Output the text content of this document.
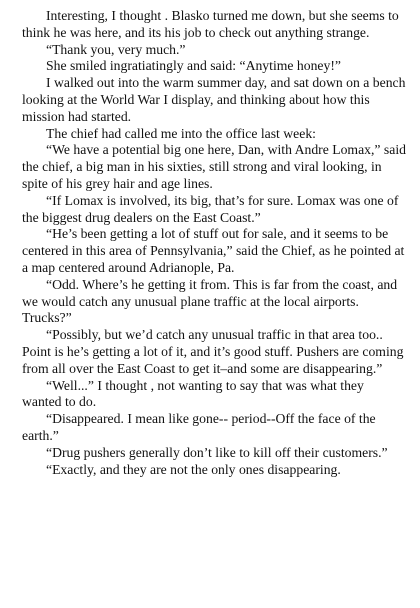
Interesting, I thought . Blasko turned me down, but she seems to think he was here, and its his job to check out anything strange.

“Thank you, very much.”

She smiled ingratiatingly and said: “Anytime honey!”

I walked out into the warm summer day, and sat down on a bench looking at the World War I display, and thinking about how this mission had started.

The chief had called me into the office last week:

“We have a potential big one here, Dan, with Andre Lomax,” said the chief, a big man in his sixties, still strong and viral looking, in spite of his grey hair and age lines.

“If Lomax is involved, its big, that’s for sure. Lomax was one of the biggest drug dealers on the East Coast.”

“He’s been getting a lot of stuff out for sale, and it seems to be centered in this area of Pennsylvania,” said the Chief, as he pointed at a map centered around Adrianople, Pa.

“Odd. Where’s he getting it from. This is far from the coast, and we would catch any unusual plane traffic at the local airports. Trucks?”

“Possibly, but we’d catch any unusual traffic in that area too.. Point is he’s getting a lot of it, and it’s good stuff. Pushers are coming from all over the East Coast to get it–and some are disappearing.”

“Well...” I thought , not wanting to say that was what they wanted to do.

“Disappeared. I mean like gone-- period--Off the face of the earth.”

“Drug pushers generally don’t like to kill off their customers.”

“Exactly, and they are not the only ones disappearing.
